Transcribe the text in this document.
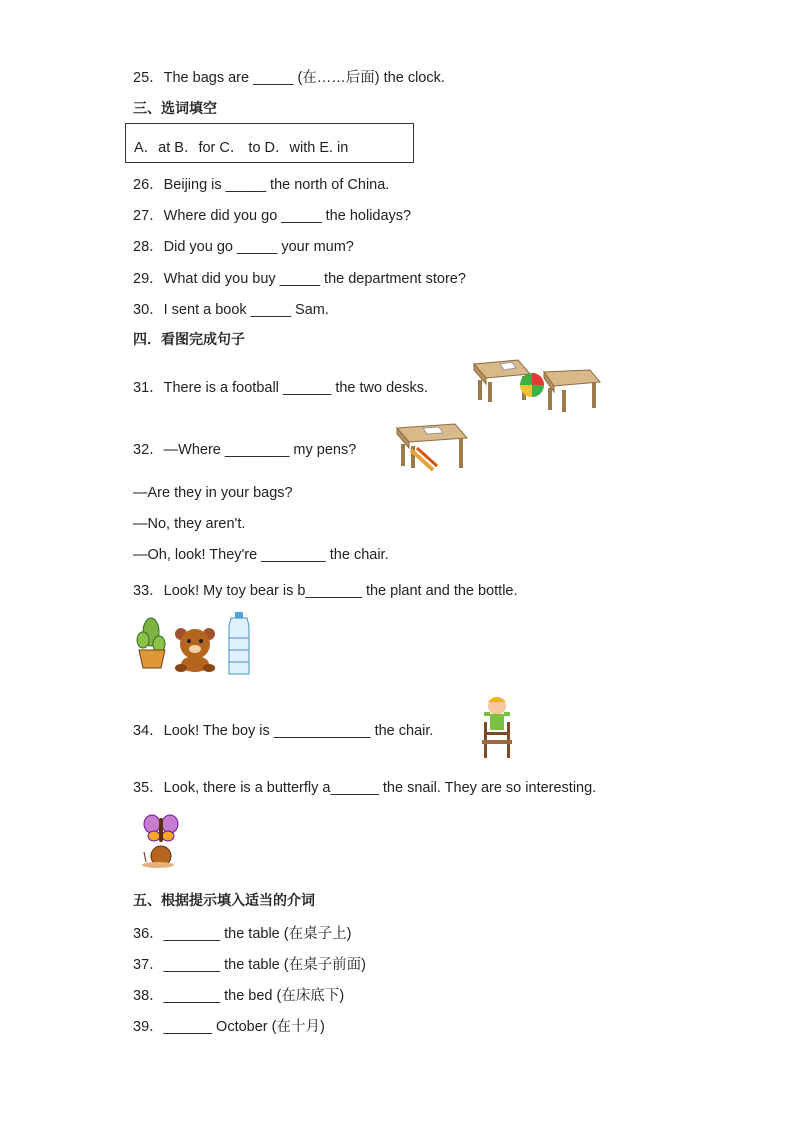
25．The bags are _____ (在……后面) the clock.
三、选词填空
A．at B．for C． to D．with E. in
26．Beijing is _____ the north of China.
27．Where did you go _____ the holidays?
28．Did you go _____ your mum?
29．What did you buy _____ the department store?
30．I sent a book _____ Sam.
四．看图完成句子
31．There is a football ______ the two desks.
32．—Where ________ my pens?
—Are they in your bags?
—No, they aren't.
—Oh, look! They're ________ the chair.
33．Look! My toy bear is b_______ the plant and the bottle.
34．Look! The boy is ____________ the chair.
35．Look, there is a butterfly a______ the snail. They are so interesting.
五、根据提示填入适当的介词
36．_______ the table (在桌子上)
37．_______ the table (在桌子前面)
38．_______ the bed (在床底下)
39．______ October (在十月)
